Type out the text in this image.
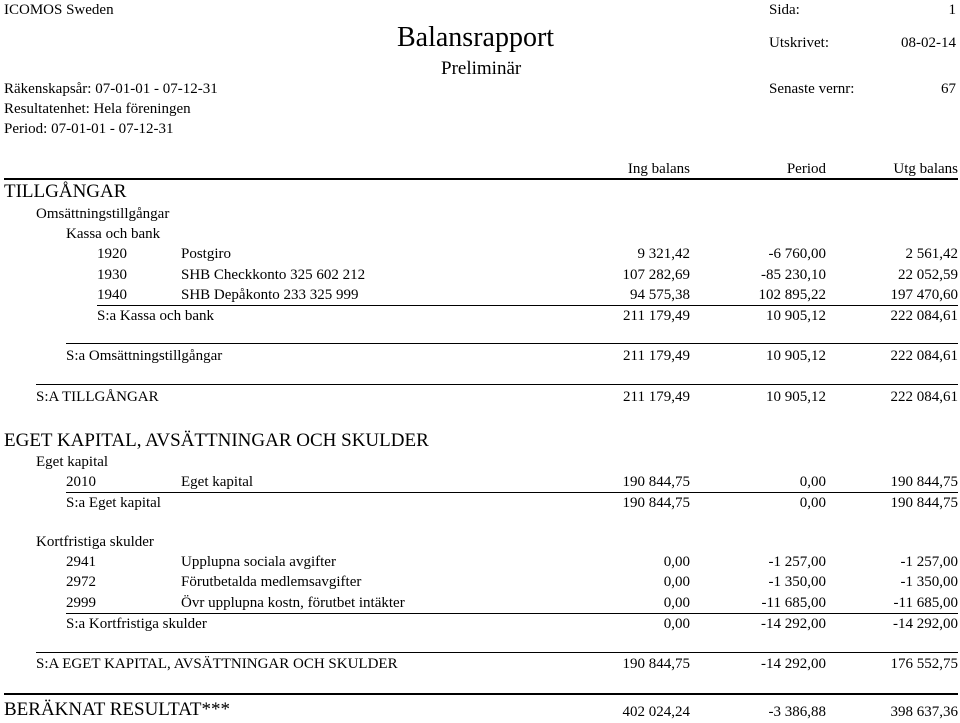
ICOMOS Sweden	Sida:	1
Balansrapport	Utskrivet:	08-02-14
Preliminär
Räkenskapsår: 07-01-01 - 07-12-31	Senaste vernr:	67
Resultatenhet: Hela föreningen
Period: 07-01-01 - 07-12-31
Ing balans	Period	Utg balans
TILLGÅNGAR
Omsättningstillgångar
Kassa och bank
1920	Postgiro	9 321,42	-6 760,00	2 561,42
1930	SHB Checkkonto 325 602 212	107 282,69	-85 230,10	22 052,59
1940	SHB Depåkonto 233 325 999	94 575,38	102 895,22	197 470,60
S:a Kassa och bank	211 179,49	10 905,12	222 084,61
S:a Omsättningstillgångar	211 179,49	10 905,12	222 084,61
S:A TILLGÅNGAR	211 179,49	10 905,12	222 084,61
EGET KAPITAL, AVSÄTTNINGAR OCH SKULDER
Eget kapital
2010	Eget kapital	190 844,75	0,00	190 844,75
S:a Eget kapital	190 844,75	0,00	190 844,75
Kortfristiga skulder
2941	Upplupna sociala avgifter	0,00	-1 257,00	-1 257,00
2972	Förutbetalda medlemsavgifter	0,00	-1 350,00	-1 350,00
2999	Övr upplupna kostn, förutbet intäkter	0,00	-11 685,00	-11 685,00
S:a Kortfristiga skulder	0,00	-14 292,00	-14 292,00
S:A EGET KAPITAL, AVSÄTTNINGAR OCH SKULDER	190 844,75	-14 292,00	176 552,75
BERÄKNAT RESULTAT***	402 024,24	-3 386,88	398 637,36
